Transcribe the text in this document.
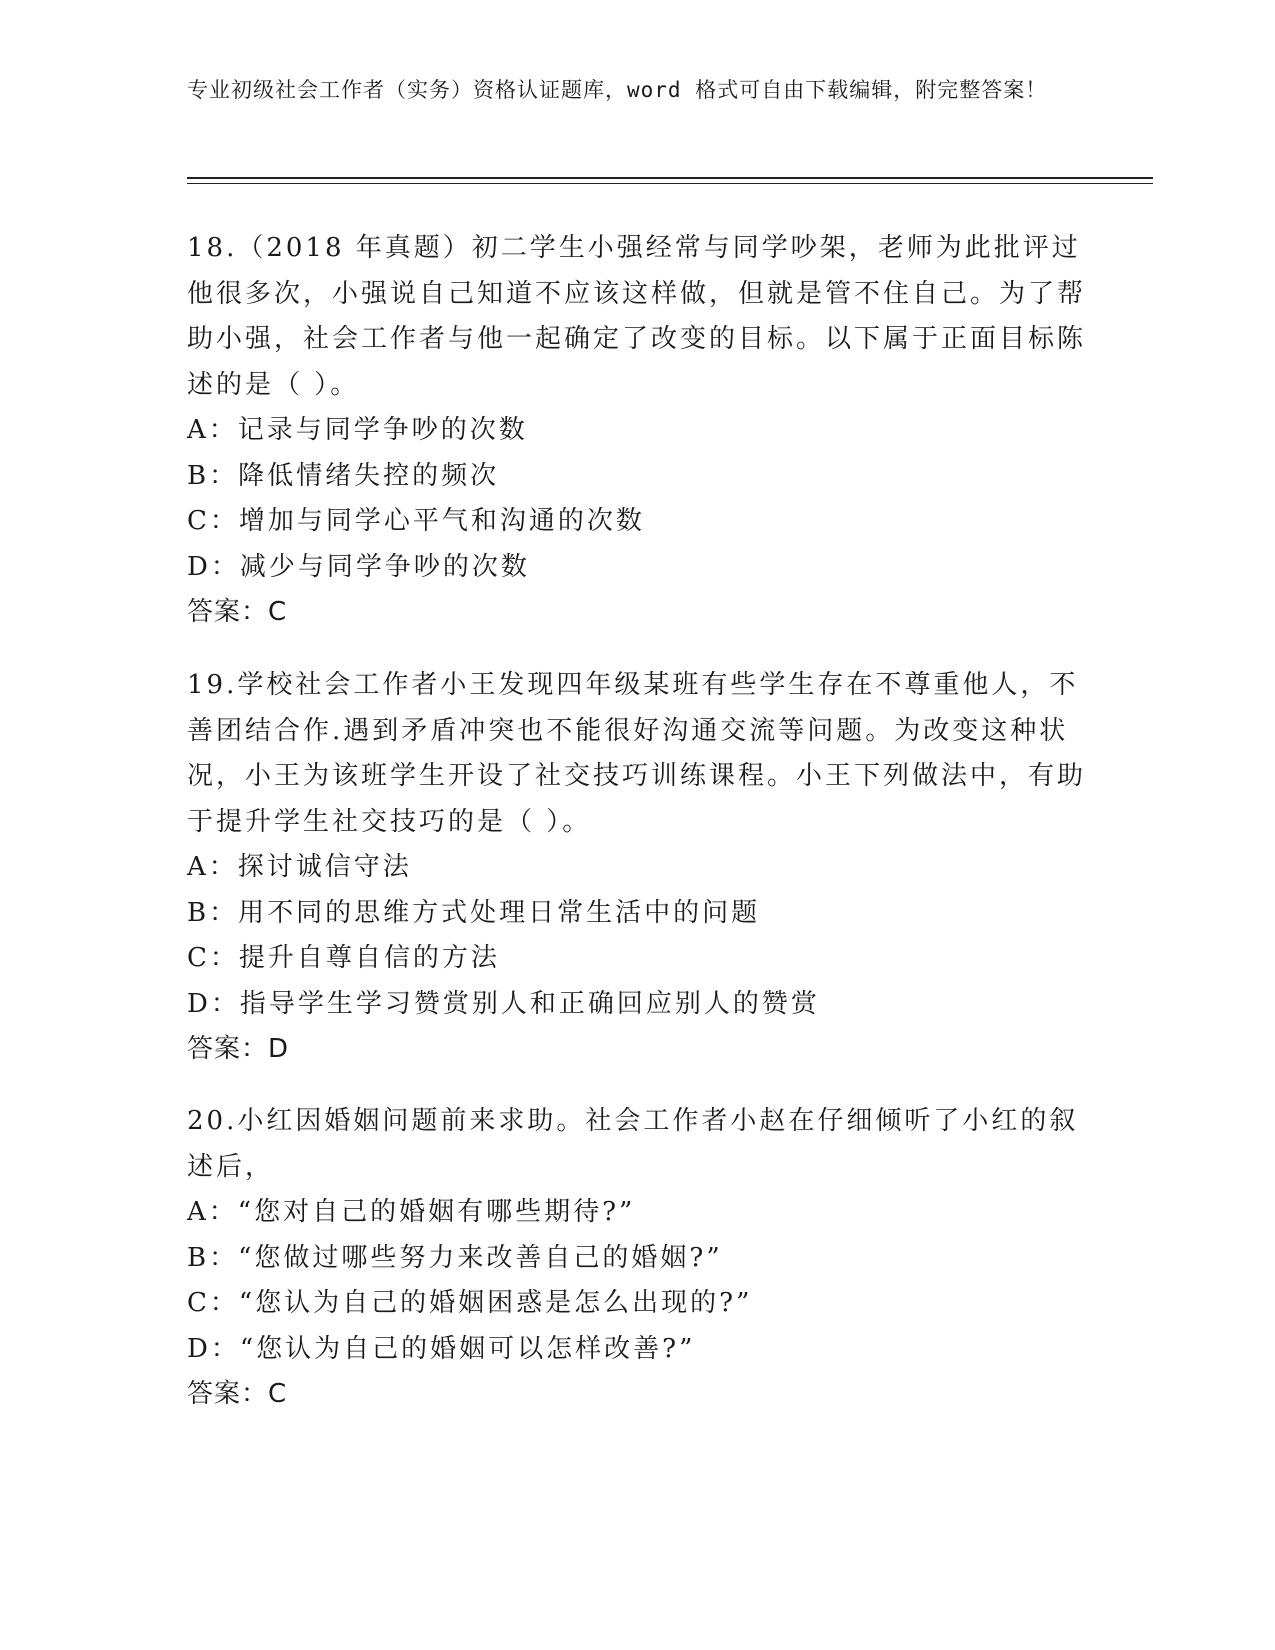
专业初级社会工作者（实务）资格认证题库，word 格式可自由下载编辑，附完整答案！

18.（2018 年真题）初二学生小强经常与同学吵架，老师为此批评过他很多次，小强说自己知道不应该这样做，但就是管不住自己。为了帮助小强，社会工作者与他一起确定了改变的目标。以下属于正面目标陈述的是（ ）。

A：记录与同学争吵的次数

B：降低情绪失控的频次

C：增加与同学心平气和沟通的次数

D：减少与同学争吵的次数

答案：C

19.学校社会工作者小王发现四年级某班有些学生存在不尊重他人，不善团结合作.遇到矛盾冲突也不能很好沟通交流等问题。为改变这种状况，小王为该班学生开设了社交技巧训练课程。小王下列做法中，有助于提升学生社交技巧的是（ ）。

A：探讨诚信守法

B：用不同的思维方式处理日常生活中的问题

C：提升自尊自信的方法

D：指导学生学习赞赏别人和正确回应别人的赞赏

答案：D

20.小红因婚姻问题前来求助。社会工作者小赵在仔细倾听了小红的叙述后，

A：“您对自己的婚姻有哪些期待?”

B：“您做过哪些努力来改善自己的婚姻?”

C：“您认为自己的婚姻困惑是怎么出现的?”

D：“您认为自己的婚姻可以怎样改善?”

答案：C
